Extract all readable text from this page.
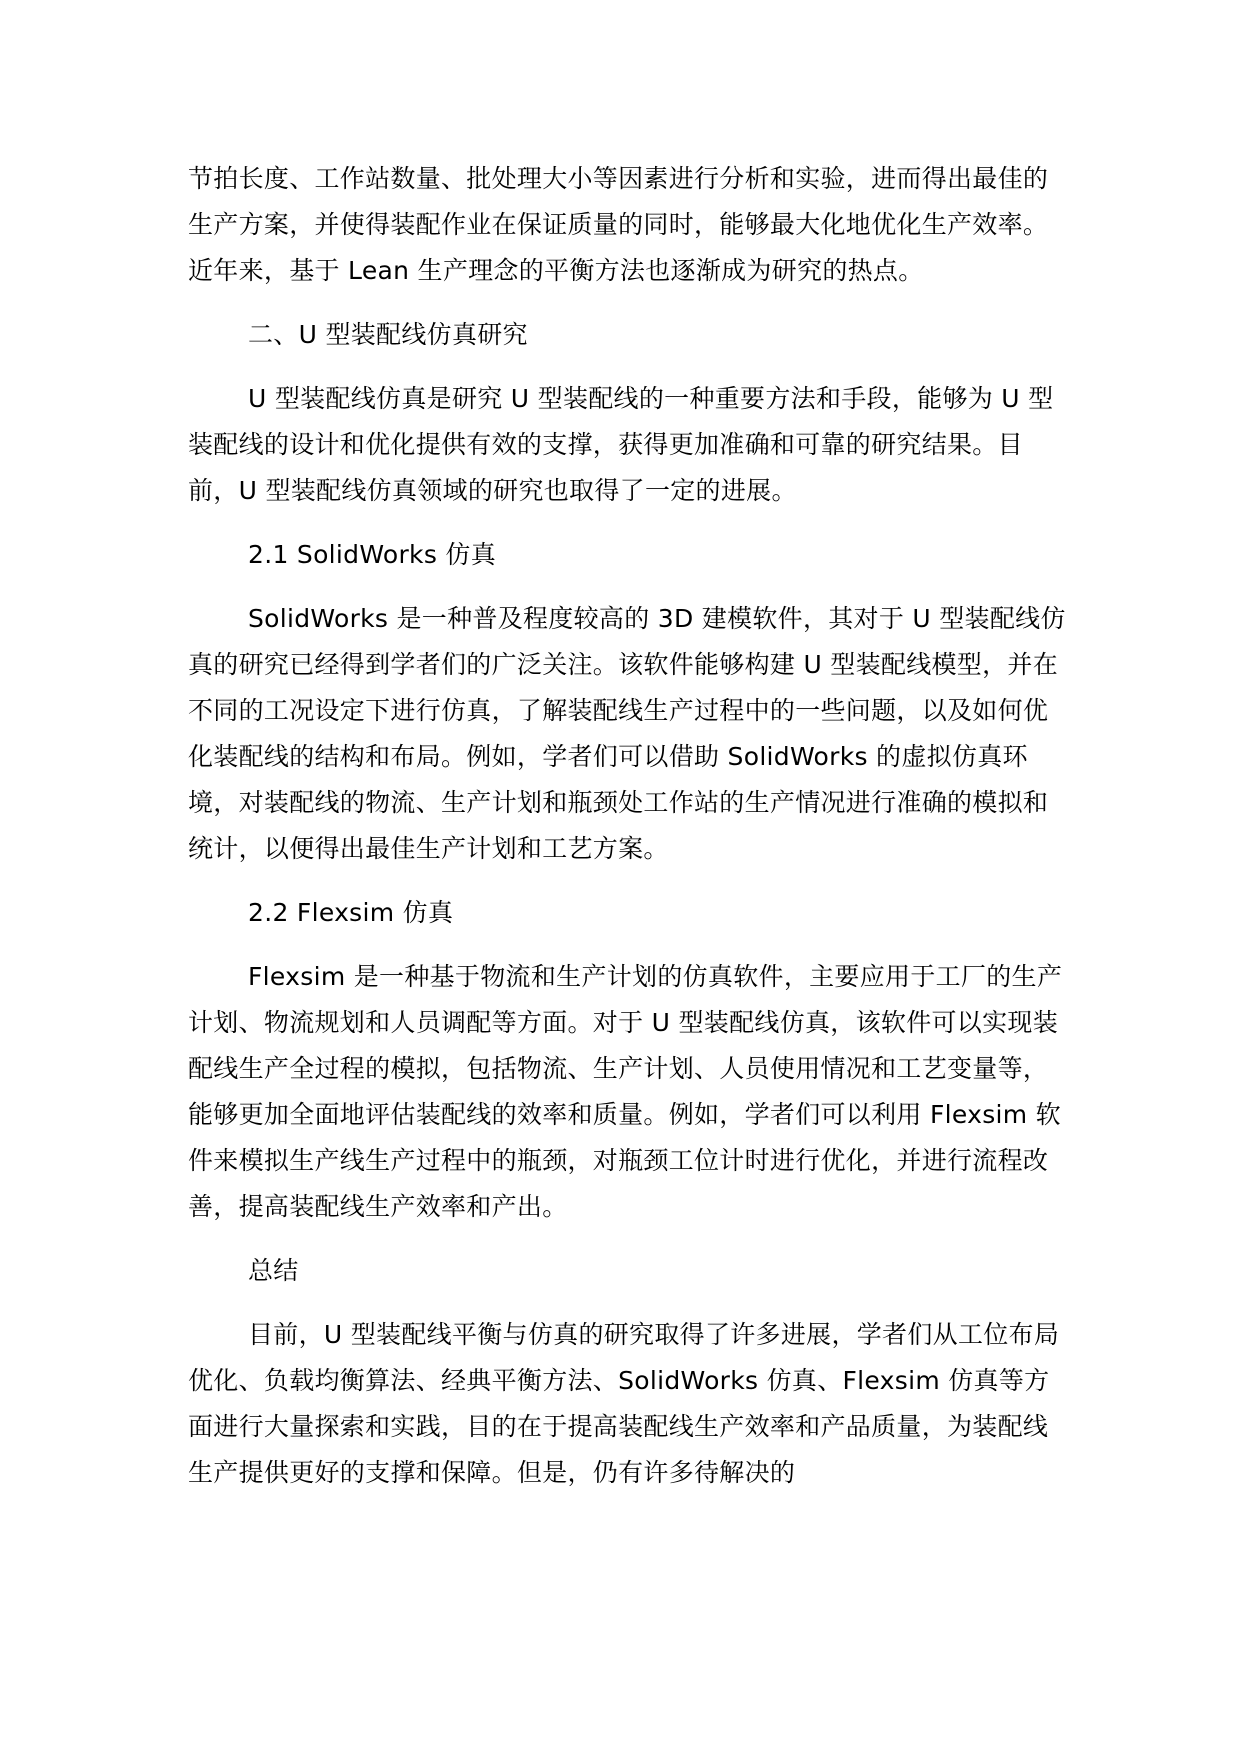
节拍长度、工作站数量、批处理大小等因素进行分析和实验，进而得出最佳的生产方案，并使得装配作业在保证质量的同时，能够最大化地优化生产效率。近年来，基于 Lean 生产理念的平衡方法也逐渐成为研究的热点。

二、U 型装配线仿真研究

U 型装配线仿真是研究 U 型装配线的一种重要方法和手段，能够为 U 型装配线的设计和优化提供有效的支撑，获得更加准确和可靠的研究结果。目前，U 型装配线仿真领域的研究也取得了一定的进展。

2.1 SolidWorks 仿真

SolidWorks 是一种普及程度较高的 3D 建模软件，其对于 U 型装配线仿真的研究已经得到学者们的广泛关注。该软件能够构建 U 型装配线模型，并在不同的工况设定下进行仿真，了解装配线生产过程中的一些问题，以及如何优化装配线的结构和布局。例如，学者们可以借助 SolidWorks 的虚拟仿真环境，对装配线的物流、生产计划和瓶颈处工作站的生产情况进行准确的模拟和统计，以便得出最佳生产计划和工艺方案。

2.2 Flexsim 仿真

Flexsim 是一种基于物流和生产计划的仿真软件，主要应用于工厂的生产计划、物流规划和人员调配等方面。对于 U 型装配线仿真，该软件可以实现装配线生产全过程的模拟，包括物流、生产计划、人员使用情况和工艺变量等，能够更加全面地评估装配线的效率和质量。例如，学者们可以利用 Flexsim 软件来模拟生产线生产过程中的瓶颈，对瓶颈工位计时进行优化，并进行流程改善，提高装配线生产效率和产出。

总结

目前，U 型装配线平衡与仿真的研究取得了许多进展，学者们从工位布局优化、负载均衡算法、经典平衡方法、SolidWorks 仿真、Flexsim 仿真等方面进行大量探索和实践，目的在于提高装配线生产效率和产品质量，为装配线生产提供更好的支撑和保障。但是，仍有许多待解决的
